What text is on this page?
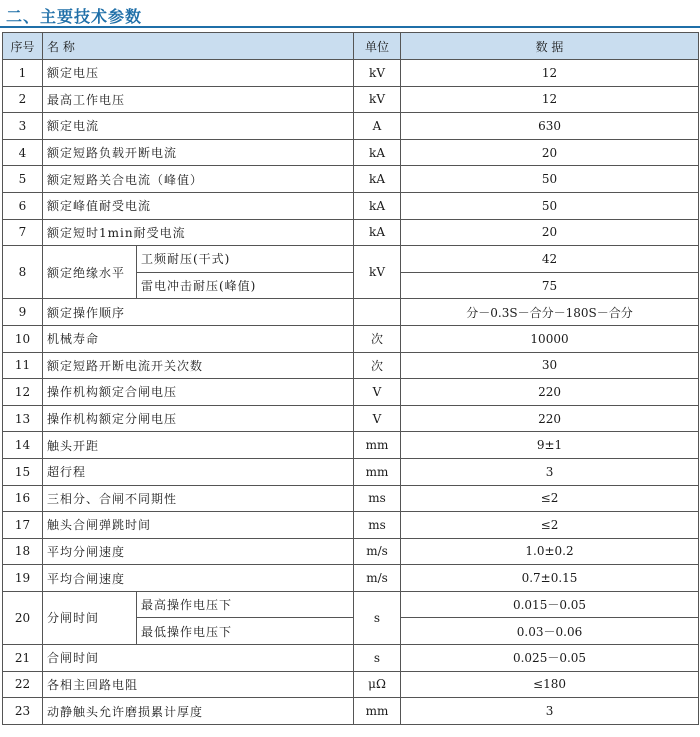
二、主要技术参数
序号	名 称		单位	数 据
1	额定电压		kV	12
2	最高工作电压		kV	12
3	额定电流		A	630
4	额定短路负载开断电流		kA	20
5	额定短路关合电流（峰值）		kA	50
6	额定峰值耐受电流		kA	50
7	额定短时1min耐受电流		kA	20
8	额定绝缘水平	工频耐压(干式)	kV	42
		雷电冲击耐压(峰值)		75
9	额定操作顺序			分－0.3S－合分－180S－合分
10	机械寿命		次	10000
11	额定短路开断电流开关次数		次	30
12	操作机构额定合闸电压		V	220
13	操作机构额定分闸电压		V	220
14	触头开距		mm	9±1
15	超行程		mm	3
16	三相分、合闸不同期性		ms	≤2
17	触头合闸弹跳时间		ms	≤2
18	平均分闸速度		m/s	1.0±0.2
19	平均合闸速度		m/s	0.7±0.15
20	分闸时间	最高操作电压下	s	0.015－0.05
		最低操作电压下		0.03－0.06
21	合闸时间		s	0.025－0.05
22	各相主回路电阻		μΩ	≤180
23	动静触头允许磨损累计厚度		mm	3
